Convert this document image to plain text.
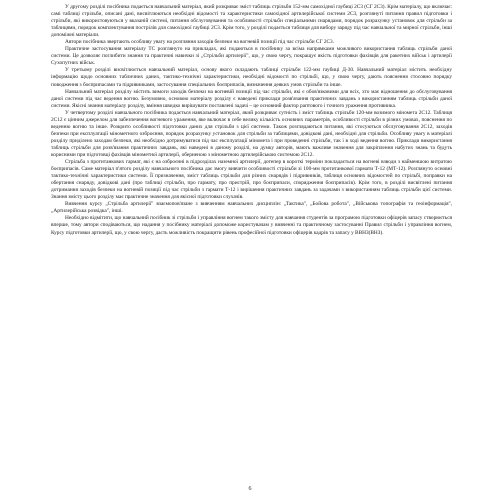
У другому розділі посібника подається навчальний матеріал, який розкриває зміст таблиць стрільби 152-мм самохідної гаубиці 2С3 (СГ 2С3). Крім матеріалу, що включає: самі таблиці стрільби, описані дані, висвітлюються необхідні відомості та характеристики самохідної артилерійської системи 2С3, розглянуті питання правил підготовки і стрільби, які використовуються у вказаній системі, питання обслуговування та особливості стрільби спеціальними снарядами, порядок розрахунку установок для стрільби за таблицями, порядок комплектування пострілів для самохідної гаубиці 2С3. Крім того, у розділі подається таблиця для вибору заряду під час навчальної та мирної стрільби, інші допоміжні матеріали.

Автори посібника звертають особливу увагу на розгляння заходів безпеки на вогневій позиції під час стрільби СГ 2С3.

Практичне застосування матеріалу ТС розглянуто на прикладах, які подаються в посібнику за всіма напрямками можливого використання таблиць стрільби даної системи. Це дозволяє поглибити знання та практичні навички зі „Стрільби артилерії", що, у свою чергу, покращує якість підготовки фахівців для ракетних військ і артилерії Сухопутних військ.

У третьому розділі висвітлюється навчальний матеріал, основу якого складають таблиці стрільби 122-мм гаубиці Д-30. Навчальний матеріал містить необхідну інформацію щодо основних табличних даних, тактико-технічні характеристики, необхідні відомості по стрільбі, що, у свою чергу, дають пояснення стосовно порядку поводження з боєприпасами та підривниками, застосування спеціальних боєприпасів, визначення деяких умов стрільби та інше.

Навчальний матеріал розділу містить вимоги заходів безпеки на вогневій позиції під час стрільби, які є обов'язковими для всіх, хто має відношення до обслуговування даної системи під час ведення вогню. Безумовно, основою матеріалу розділу є наведені приклади розв'язання практичних завдань з використанням таблиць стрільби даної системи. Якісні знання матеріалу розділу, вміння швидко вирішувати поставлені задачі – це основний фактор раптового і точного ураження противника.

У четвертому розділі навчального посібника подається навчальний матеріал, який розкриває сутність і зміст таблиць стрільби 120-мм возимого міномета 2С12. Таблиця 2С12 є цінним джерелом для забезпечення вогневого ураження, яке включає в себе велику кількість основних параметрів, особливості стрільби в різних умовах, пояснення по веденню вогню та інше. Розкрито особливості підготовки даних для стрільби з цієї системи. Також розглядаються питання, які стосуються обслуговування 2С12, заходів безпеки при експлуатації мінометного озброєння, порядок розрахунку установок для стрільби за таблицями, довідкові дані, необхідні для стрільби. Особливу увагу в матеріалі розділу приділено заходам безпеки, які необхідно дотримуватися під час експлуатації міномета і при проведенні стрільби, так і в ході ведення вогню. Приклади використання таблиць стрільби для розв'язання практичних завдань, які наведені в даному розділі, на думку авторів, мають важливе значення для закріплення набутих знань та будуть корисними при підготовці фахівців мінометної артилерії, оберненою з мінометною артилерійською системою 2С12.

Стрільба з протитанкових гармат, які є на озброєнні в підрозділах наземної артилерії, дотепер в короткі терміни покладається на вогневі взводи з найменшою витратою боєприпасів. Саме матеріал п'ятого розділу навчального посібника дає змогу вивчити особливості стрільби зі 100-мм протитанкової гармати Т-12 (МТ-12). Розглянуто основні тактико-технічні характеристики системи. Її призначення, зміст таблиць стрільби для різних снарядів і підривників, таблиця основних відомостей по стрільбі, поправки на обертання снаряду, довідкові дані (про таблиці стрільби, про гармату, про пристрій, про боєприпаси, спорядження боєприпасів). Крім того, в розділі висвітлені питання дотримання заходів безпеки на вогневій позиції під час стрільби з гармати Т-12 і вирішення практичних завдань за задачами з використанням таблиць стрільби цієї системи. Знання змісту цього розділу має практичне значення для якісної підготовки слухачів.

Вивчення курсу „Стрільба артилерії" взаємопов'язане з вивченням навчальних дисциплін: „Тактика", „Бойова робота", „Військова топографія та геоінформація", „Артилерійська розвідка", інші.

Необхідно відмітити, що навчальний посібник зі стрільби і управління вогнем такого змісту для навчання студентів за програмою підготовки офіцерів запасу створюється вперше, тому автори сподіваються, що надання у посібнику матеріалі допоможе користувачам у вивченні та практичному застосуванні Правил стрільби і управління вогнем, Курсу підготовки артилерії, що, у свою чергу, дасть можливість покращити рівень професійної підготовки офіцерів кадрів та запасу у ВВНЗ(ВНЗ).

6
